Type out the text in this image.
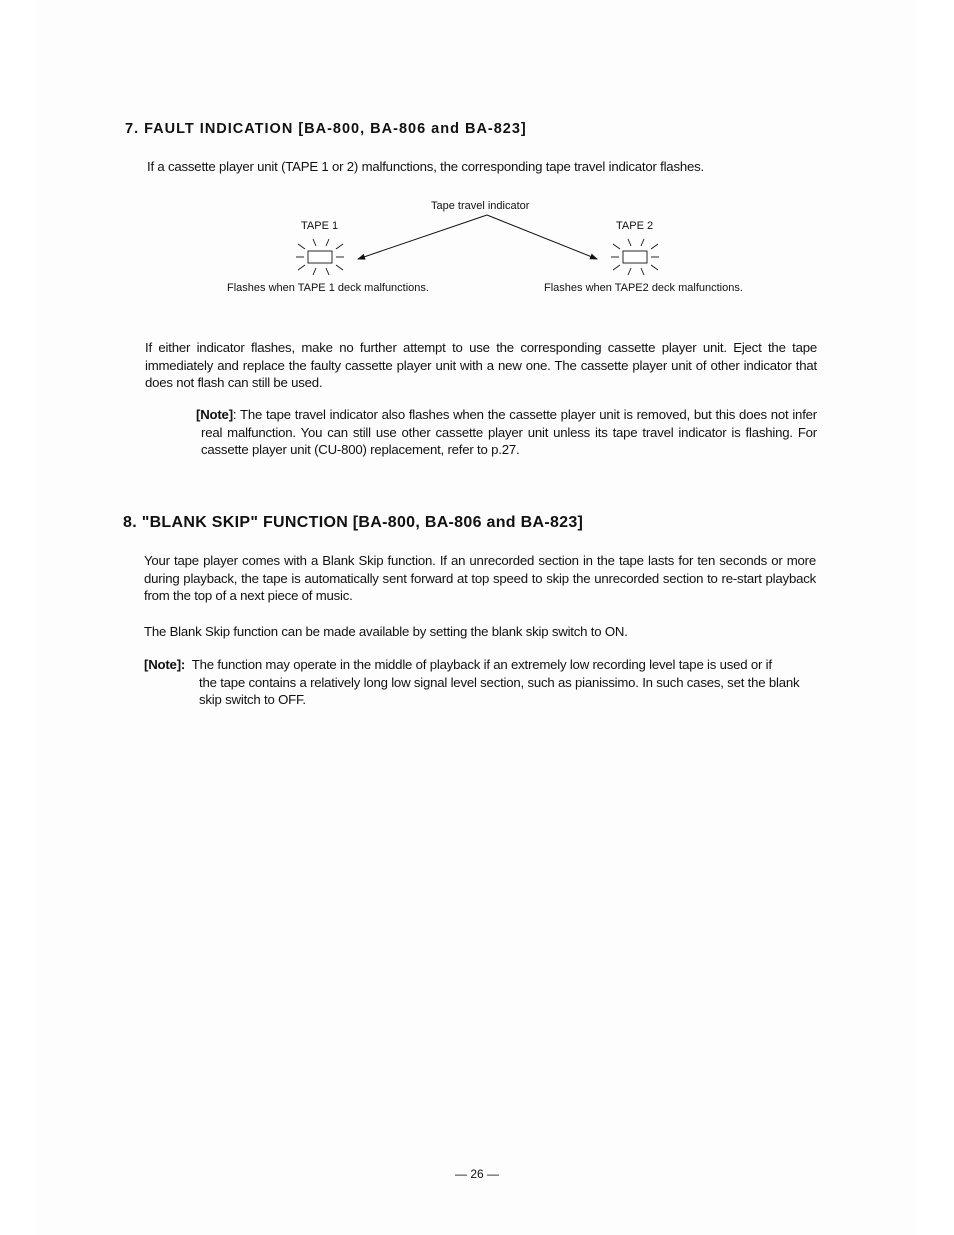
7. FAULT INDICATION [BA-800, BA-806 and BA-823]
If a cassette player unit (TAPE 1 or 2) malfunctions, the corresponding tape travel indicator flashes.
Tape travel indicator
TAPE 1	TAPE 2
Flashes when TAPE 1 deck malfunctions.	Flashes when TAPE2 deck malfunctions.
If either indicator flashes, make no further attempt to use the corresponding cassette player unit. Eject the tape immediately and replace the faulty cassette player unit with a new one. The cassette player unit of other indicator that does not flash can still be used.
[Note]: The tape travel indicator also flashes when the cassette player unit is removed, but this does not infer real malfunction. You can still use other cassette player unit unless its tape travel indicator is flashing. For cassette player unit (CU-800) replacement, refer to p.27.
8. "BLANK SKIP" FUNCTION [BA-800, BA-806 and BA-823]
Your tape player comes with a Blank Skip function. If an unrecorded section in the tape lasts for ten seconds or more during playback, the tape is automatically sent forward at top speed to skip the unrecorded section to re-start playback from the top of a next piece of music.
The Blank Skip function can be made available by setting the blank skip switch to ON.
[Note]: The function may operate in the middle of playback if an extremely low recording level tape is used or if
the tape contains a relatively long low signal level section, such as pianissimo. In such cases, set the blank skip switch to OFF.
— 26 —
